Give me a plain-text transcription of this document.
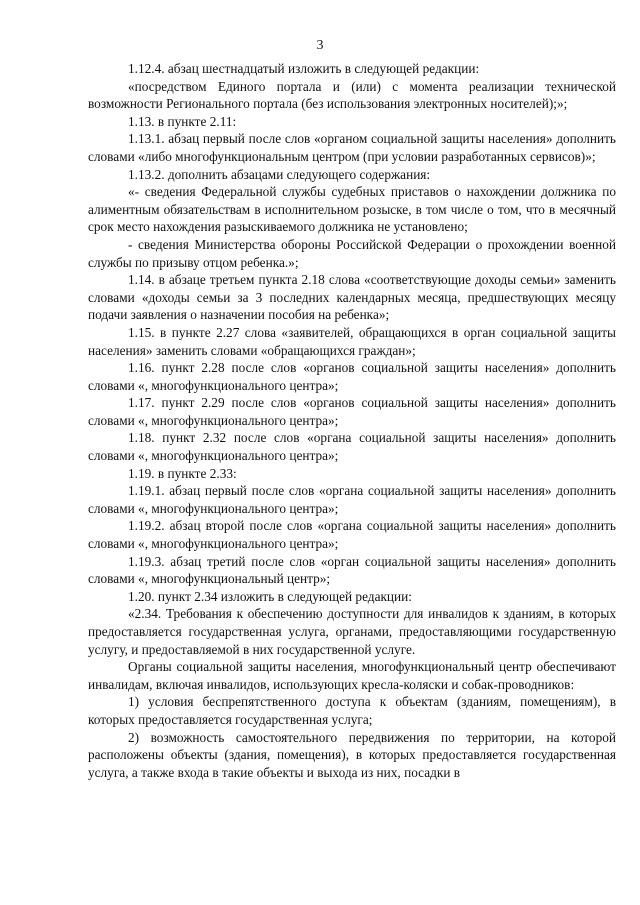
3

1.12.4. абзац шестнадцатый изложить в следующей редакции:

«посредством Единого портала и (или) с момента реализации технической возможности Регионального портала (без использования электронных носителей);»;

1.13. в пункте 2.11:

1.13.1. абзац первый после слов «органом социальной защиты населения» дополнить словами «либо многофункциональным центром (при условии разработанных сервисов)»;

1.13.2. дополнить абзацами следующего содержания:

«- сведения Федеральной службы судебных приставов о нахождении должника по алиментным обязательствам в исполнительном розыске, в том числе о том, что в месячный срок место нахождения разыскиваемого должника не установлено;

- сведения Министерства обороны Российской Федерации о прохождении военной службы по призыву отцом ребенка.»;

1.14. в абзаце третьем пункта 2.18 слова «соответствующие доходы семьи» заменить словами «доходы семьи за 3 последних календарных месяца, предшествующих месяцу подачи заявления о назначении пособия на ребенка»;

1.15. в пункте 2.27 слова «заявителей, обращающихся в орган социальной защиты населения» заменить словами «обращающихся граждан»;

1.16. пункт 2.28 после слов «органов социальной защиты населения» дополнить словами «, многофункционального центра»;

1.17. пункт 2.29 после слов «органов социальной защиты населения» дополнить словами «, многофункционального центра»;

1.18. пункт 2.32 после слов «органа социальной защиты населения» дополнить словами «, многофункционального центра»;

1.19. в пункте 2.33:

1.19.1. абзац первый после слов «органа социальной защиты населения» дополнить словами «, многофункционального центра»;

1.19.2. абзац второй после слов «органа социальной защиты населения» дополнить словами «, многофункционального центра»;

1.19.3. абзац третий после слов «орган социальной защиты населения» дополнить словами «, многофункциональный центр»;

1.20. пункт 2.34 изложить в следующей редакции:

«2.34. Требования к обеспечению доступности для инвалидов к зданиям, в которых предоставляется государственная услуга, органами, предоставляющими государственную услугу, и предоставляемой в них государственной услуге.

Органы социальной защиты населения, многофункциональный центр обеспечивают инвалидам, включая инвалидов, использующих кресла-коляски и собак-проводников:

1) условия беспрепятственного доступа к объектам (зданиям, помещениям), в которых предоставляется государственная услуга;

2) возможность самостоятельного передвижения по территории, на которой расположены объекты (здания, помещения), в которых предоставляется государственная услуга, а также входа в такие объекты и выхода из них, посадки в
